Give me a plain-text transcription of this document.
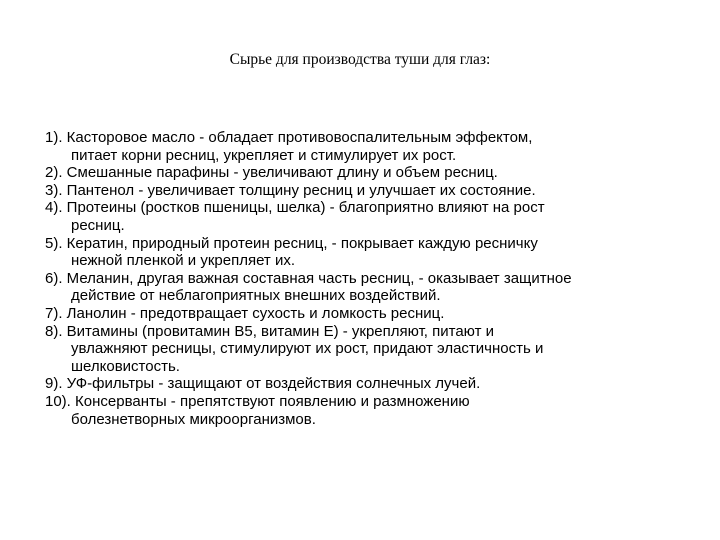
Сырье для производства туши для глаз:
1). Касторовое масло - обладает противовоспалительным эффектом,
питает корни ресниц, укрепляет и стимулирует их рост.
2). Смешанные парафины - увеличивают длину и объем ресниц.
3). Пантенол - увеличивает толщину ресниц и улучшает их состояние.
4). Протеины (ростков пшеницы, шелка) - благоприятно влияют на рост
ресниц.
5). Кератин, природный протеин ресниц, - покрывает каждую ресничку
нежной пленкой и укрепляет их.
6). Меланин, другая важная составная часть ресниц, - оказывает защитное
действие от неблагоприятных внешних воздействий.
7). Ланолин - предотвращает сухость и ломкость ресниц.
8). Витамины (провитамин В5, витамин Е) - укрепляют, питают и
увлажняют ресницы, стимулируют их рост, придают эластичность и
шелковистость.
9). УФ-фильтры - защищают от воздействия солнечных лучей.
10). Консерванты - препятствуют появлению и размножению
болезнетворных микроорганизмов.
